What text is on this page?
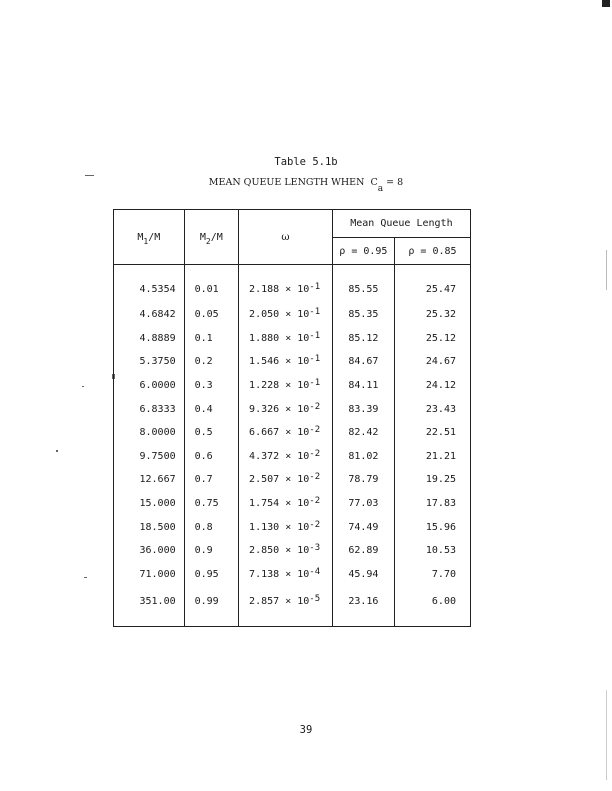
Table 5.1b
MEAN QUEUE LENGTH WHEN Ca = 8
$M_1/M$	$M_2/M$	ω	Mean Queue Length	
			ρ = 0.95	ρ = 0.85
4.5354	0.01	$2.188 \times 10^{-1}$	85.55	25.47
4.6842	0.05	$2.050 \times 10^{-1}$	85.35	25.32
4.8889	0.1	$1.880 \times 10^{-1}$	85.12	25.12
5.3750	0.2	$1.546 \times 10^{-1}$	84.67	24.67
6.0000	0.3	$1.228 \times 10^{-1}$	84.11	24.12
6.8333	0.4	$9.326 \times 10^{-2}$	83.39	23.43
8.0000	0.5	$6.667 \times 10^{-2}$	82.42	22.51
9.7500	0.6	$4.372 \times 10^{-2}$	81.02	21.21
12.667	0.7	$2.507 \times 10^{-2}$	78.79	19.25
15.000	0.75	$1.754 \times 10^{-2}$	77.03	17.83
18.500	0.8	$1.130 \times 10^{-2}$	74.49	15.96
36.000	0.9	$2.850 \times 10^{-3}$	62.89	10.53
71.000	0.95	$7.138 \times 10^{-4}$	45.94	7.70
351.00	0.99	$2.857 \times 10^{-5}$	23.16	6.00
39
